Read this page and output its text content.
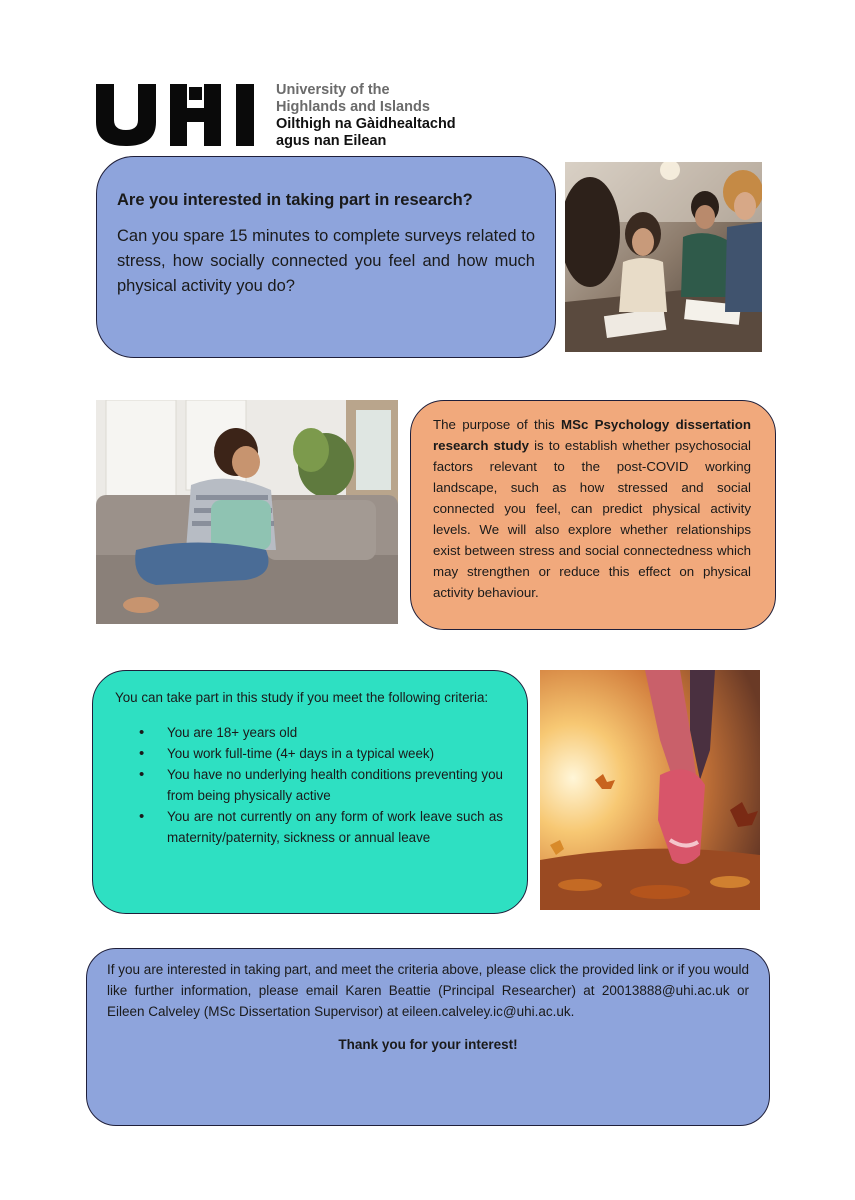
University of the
Highlands and Islands
Oilthigh na Gàidhealtachd
agus nan Eilean

Are you interested in taking part in research?

Can you spare 15 minutes to complete surveys related to stress, how socially connected you feel and how much physical activity you do?

The purpose of this MSc Psychology dissertation research study is to establish whether psychosocial factors relevant to the post-COVID working landscape, such as how stressed and social connected you feel, can predict physical activity levels. We will also explore whether relationships exist between stress and social connectedness which may strengthen or reduce this effect on physical activity behaviour.

You can take part in this study if you meet the following criteria:

• You are 18+ years old
• You work full-time (4+ days in a typical week)
• You have no underlying health conditions preventing you from being physically active
• You are not currently on any form of work leave such as maternity/paternity, sickness or annual leave

If you are interested in taking part, and meet the criteria above, please click the provided link or if you would like further information, please email Karen Beattie (Principal Researcher) at 20013888@uhi.ac.uk or Eileen Calveley (MSc Dissertation Supervisor) at eileen.calveley.ic@uhi.ac.uk.

Thank you for your interest!
